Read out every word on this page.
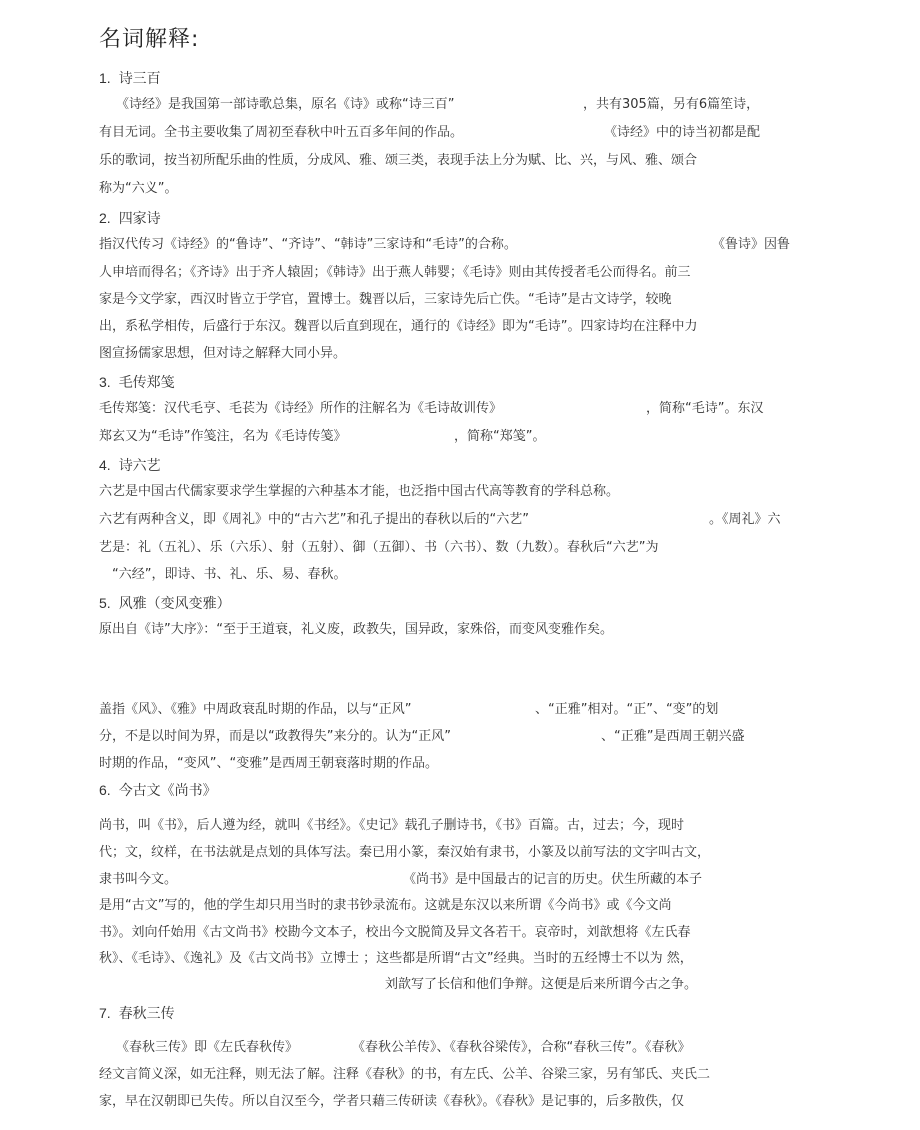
名词解释:
1. 诗三百
《诗经》是我国第一部诗歌总集，原名《诗》或称“诗三百”	，共有305篇，另有6篇笙诗，
有目无词。全书主要收集了周初至春秋中叶五百多年间的作品。	《诗经》中的诗当初都是配
乐的歌词，按当初所配乐曲的性质，分成风、雅、颂三类，表现手法上分为赋、比、兴，与风、雅、颂合
称为“六义”。
2. 四家诗
指汉代传习《诗经》的“鲁诗”、“齐诗”、“韩诗”三家诗和“毛诗”的合称。	《鲁诗》因鲁
人申培而得名；《齐诗》出于齐人辕固；《韩诗》出于燕人韩婴；《毛诗》则由其传授者毛公而得名。前三
家是今文学家，西汉时皆立于学官，置博士。魏晋以后，三家诗先后亡佚。“毛诗”是古文诗学，较晚
出，系私学相传，后盛行于东汉。魏晋以后直到现在，通行的《诗经》即为“毛诗”。四家诗均在注释中力
图宣扬儒家思想，但对诗之解释大同小异。
3. 毛传郑笺
毛传郑笺：汉代毛亨、毛苌为《诗经》所作的注解名为《毛诗故训传》	，简称“毛诗”。东汉
郑玄又为“毛诗”作笺注，名为《毛诗传笺》	，简称“郑笺”。
4. 诗六艺
六艺是中国古代儒家要求学生掌握的六种基本才能，也泛指中国古代高等教育的学科总称。
六艺有两种含义，即《周礼》中的“古六艺”和孔子提出的春秋以后的“六艺”	。《周礼》六
艺是：礼（五礼）、乐（六乐）、射（五射）、御（五御）、书（六书）、数（九数）。春秋后“六艺”为
“六经”，即诗、书、礼、乐、易、春秋。
5. 风雅（变风变雅）
原出自《诗”大序》：“至于王道衰，礼义废，政教失，国异政，家殊俗，而变风变雅作矣。
盖指《风》、《雅》中周政衰乱时期的作品，以与“正风”	、“正雅”相对。“正”、“变”的划
分，不是以时间为界，而是以“政教得失”来分的。认为“正风”	、“正雅”是西周王朝兴盛
时期的作品，“变风”、“变雅”是西周王朝衰落时期的作品。
6. 今古文《尚书》
尚书，叫《书》，后人遵为经，就叫《书经》。《史记》载孔子删诗书，《书》百篇。古，过去；今，现时
代；文，纹样，在书法就是点划的具体写法。秦已用小篆，秦汉始有隶书，小篆及以前写法的文字叫古文，
隶书叫今文。	《尚书》是中国最古的记言的历史。伏生所藏的本子
是用“古文”写的，他的学生却只用当时的隶书钞录流布。这就是东汉以来所谓《今尚书》或《今文尚
书》。刘向仟始用《古文尚书》校勘今文本子，校出今文脱简及异文各若干。哀帝时，刘歆想将《左氏春
秋》、《毛诗》、《逸礼》及《古文尚书》立博士 ；这些都是所谓“古文”经典。当时的五经博士不以为 然，
刘歆写了长信和他们争辩。这便是后来所谓今古之争。
7. 春秋三传
《春秋三传》即《左氏春秋传》	《春秋公羊传》、《春秋谷梁传》，合称“春秋三传”。《春秋》
经文言简义深，如无注释，则无法了解。注释《春秋》的书，有左氏、公羊、谷梁三家，另有邹氏、夹氏二
家，早在汉朝即已失传。所以自汉至今，学者只藉三传研读《春秋》。《春秋》是记事的，后多散佚，仅
